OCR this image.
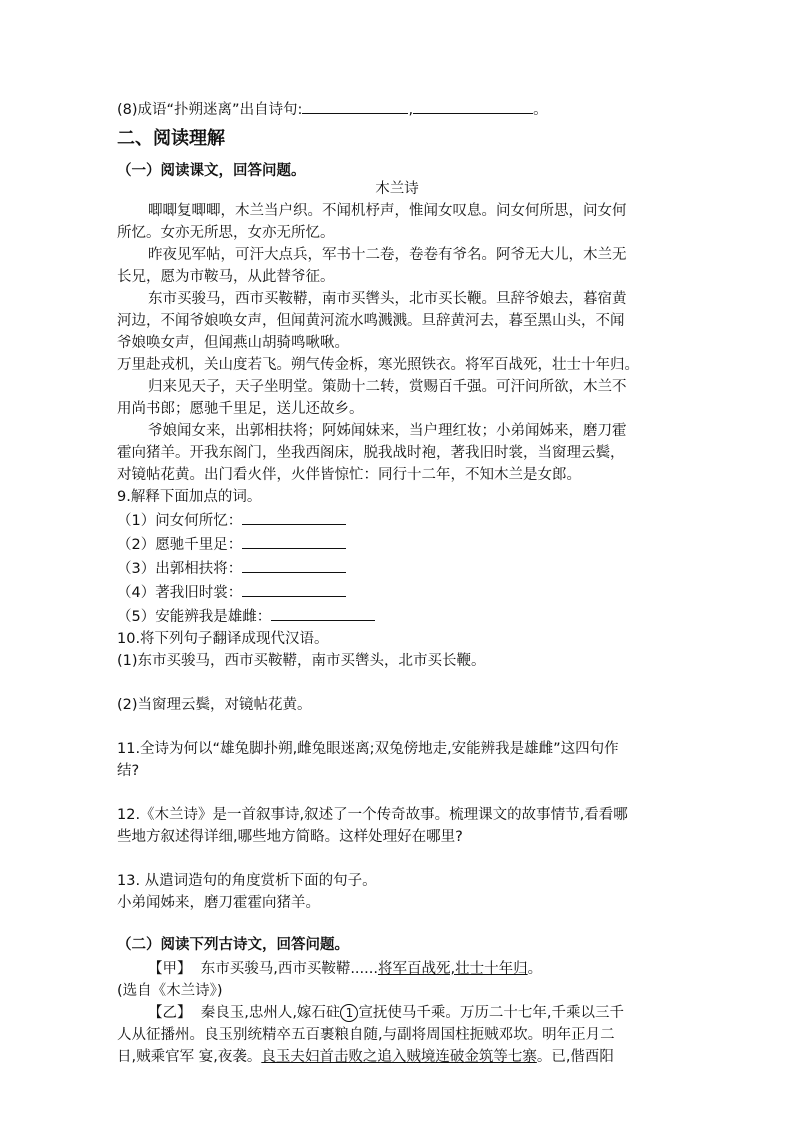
(8)成语“扑朔迷离”出自诗句:	,	。
二、阅读理解
（一）阅读课文，回答问题。
木兰诗
唧唧复唧唧，木兰当户织。不闻机杼声，惟闻女叹息。问女何所思，问女何
所忆。女亦无所思，女亦无所忆。
昨夜见军帖，可汗大点兵，军书十二卷，卷卷有爷名。阿爷无大儿，木兰无
长兄，愿为市鞍马，从此替爷征。
东市买骏马，西市买鞍鞯，南市买辔头，北市买长鞭。旦辞爷娘去，暮宿黄
河边，不闻爷娘唤女声，但闻黄河流水鸣溅溅。旦辞黄河去，暮至黑山头，不闻
爷娘唤女声，但闻燕山胡骑鸣啾啾。
万里赴戎机，关山度若飞。朔气传金柝，寒光照铁衣。将军百战死，壮士十年归。
归来见天子，天子坐明堂。策勋十二转，赏赐百千强。可汗问所欲，木兰不
用尚书郎；愿驰千里足，送儿还故乡。
爷娘闻女来，出郭相扶将；阿姊闻妹来，当户理红妆；小弟闻姊来，磨刀霍
霍向猪羊。开我东阁门，坐我西阁床，脱我战时袍，著我旧时裳，当窗理云鬓，
对镜帖花黄。出门看火伴，火伴皆惊忙：同行十二年，不知木兰是女郎。
9.解释下面加点的词。
（1）问女何所忆：
（2）愿驰千里足：
（3）出郭相扶将：
（4）著我旧时裳：
（5）安能辨我是雄雌：
10.将下列句子翻译成现代汉语。
(1)东市买骏马，西市买鞍鞯，南市买辔头，北市买长鞭。
(2)当窗理云鬓，对镜帖花黄。
11.全诗为何以“雄兔脚扑朔,雌兔眼迷离;双兔傍地走,安能辨我是雄雌”这四句作
结?
12.《木兰诗》是一首叙事诗,叙述了一个传奇故事。梳理课文的故事情节,看看哪
些地方叙述得详细,哪些地方简略。这样处理好在哪里?
13. 从遣词造句的角度赏析下面的句子。
小弟闻姊来，磨刀霍霍向猪羊。
（二）阅读下列古诗文，回答问题。
【甲】 东市买骏马,西市买鞍鞯......将军百战死,壮士十年归。
(选自《木兰诗》)
【乙】 秦良玉,忠州人,嫁石砫 1 宣抚使马千乘。万历二十七年,千乘以三千
人从征播州。良玉别统精卒五百裹粮自随,与副将周国柱扼贼邓坎。明年正月二
日,贼乘官军 宴,夜袭。良玉夫妇首击败之追入贼境连破金筑等七寨。已,偕酉阳
